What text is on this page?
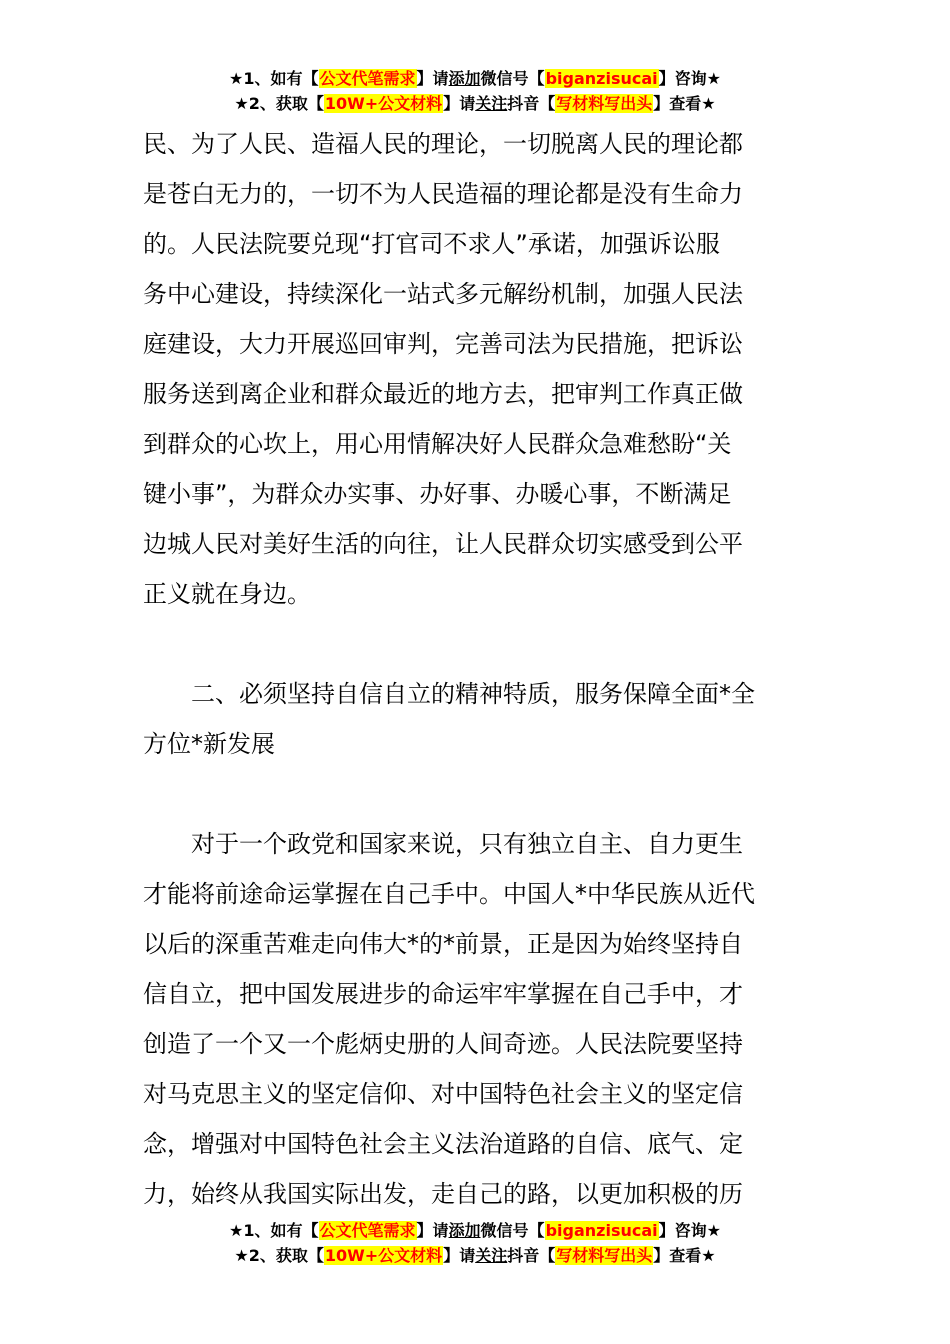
★1、如有【公文代笔需求】请添加微信号【biganzisucai】咨询★
★2、获取【10W+公文材料】请关注抖音【写材料写出头】查看★
民、为了人民、造福人民的理论，一切脱离人民的理论都
是苍白无力的，一切不为人民造福的理论都是没有生命力
的。人民法院要兑现“打官司不求人”承诺，加强诉讼服
务中心建设，持续深化一站式多元解纷机制，加强人民法
庭建设，大力开展巡回审判，完善司法为民措施，把诉讼
服务送到离企业和群众最近的地方去，把审判工作真正做
到群众的心坎上，用心用情解决好人民群众急难愁盼“关
键小事”，为群众办实事、办好事、办暖心事，不断满足
边城人民对美好生活的向往，让人民群众切实感受到公平
正义就在身边。
　　二、必须坚持自信自立的精神特质，服务保障全面*全
方位*新发展
　　对于一个政党和国家来说，只有独立自主、自力更生
才能将前途命运掌握在自己手中。中国人*中华民族从近代
以后的深重苦难走向伟大*的*前景，正是因为始终坚持自
信自立，把中国发展进步的命运牢牢掌握在自己手中，才
创造了一个又一个彪炳史册的人间奇迹。人民法院要坚持
对马克思主义的坚定信仰、对中国特色社会主义的坚定信
念，增强对中国特色社会主义法治道路的自信、底气、定
力，始终从我国实际出发，走自己的路，以更加积极的历
★1、如有【公文代笔需求】请添加微信号【biganzisucai】咨询★
★2、获取【10W+公文材料】请关注抖音【写材料写出头】查看★
